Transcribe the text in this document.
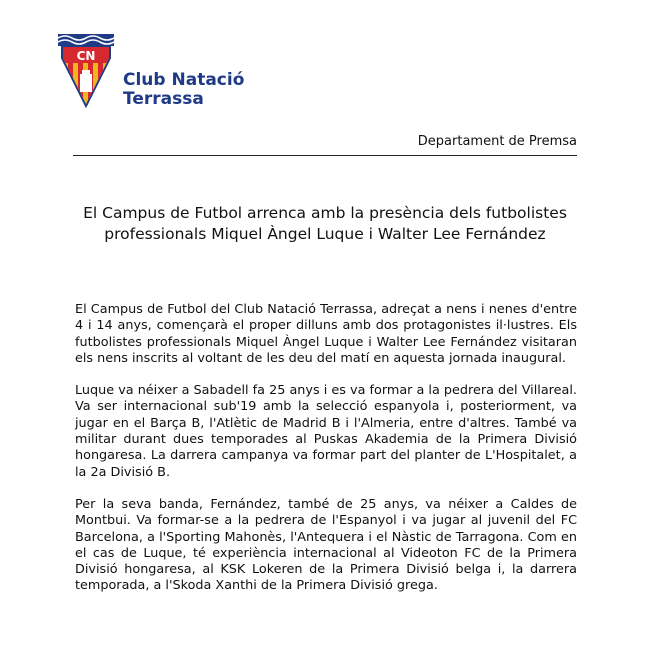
CN
Club Natació
Terrassa
Departament de Premsa
El Campus de Futbol arrenca amb la presència dels futbolistes professionals Miquel Àngel Luque i Walter Lee Fernández

El Campus de Futbol del Club Natació Terrassa, adreçat a nens i nenes d'entre 4 i 14 anys, començarà el proper dilluns amb dos protagonistes il·lustres. Els futbolistes professionals Miquel Àngel Luque i Walter Lee Fernández visitaran els nens inscrits al voltant de les deu del matí en aquesta jornada inaugural.

Luque va néixer a Sabadell fa 25 anys i es va formar a la pedrera del Villareal. Va ser internacional sub'19 amb la selecció espanyola i, posteriorment, va jugar en el Barça B, l'Atlètic de Madrid B i l'Almeria, entre d'altres. També va militar durant dues temporades al Puskas Akademia de la Primera Divisió hongaresa. La darrera campanya va formar part del planter de L'Hospitalet, a la 2a Divisió B.

Per la seva banda, Fernández, també de 25 anys, va néixer a Caldes de Montbui. Va formar-se a la pedrera de l'Espanyol i va jugar al juvenil del FC Barcelona, a l'Sporting Mahonès, l'Antequera i el Nàstic de Tarragona. Com en el cas de Luque, té experiència internacional al Videoton FC de la Primera Divisió hongaresa, al KSK Lokeren de la Primera Divisió belga i, la darrera temporada, a l'Skoda Xanthi de la Primera Divisió grega.
